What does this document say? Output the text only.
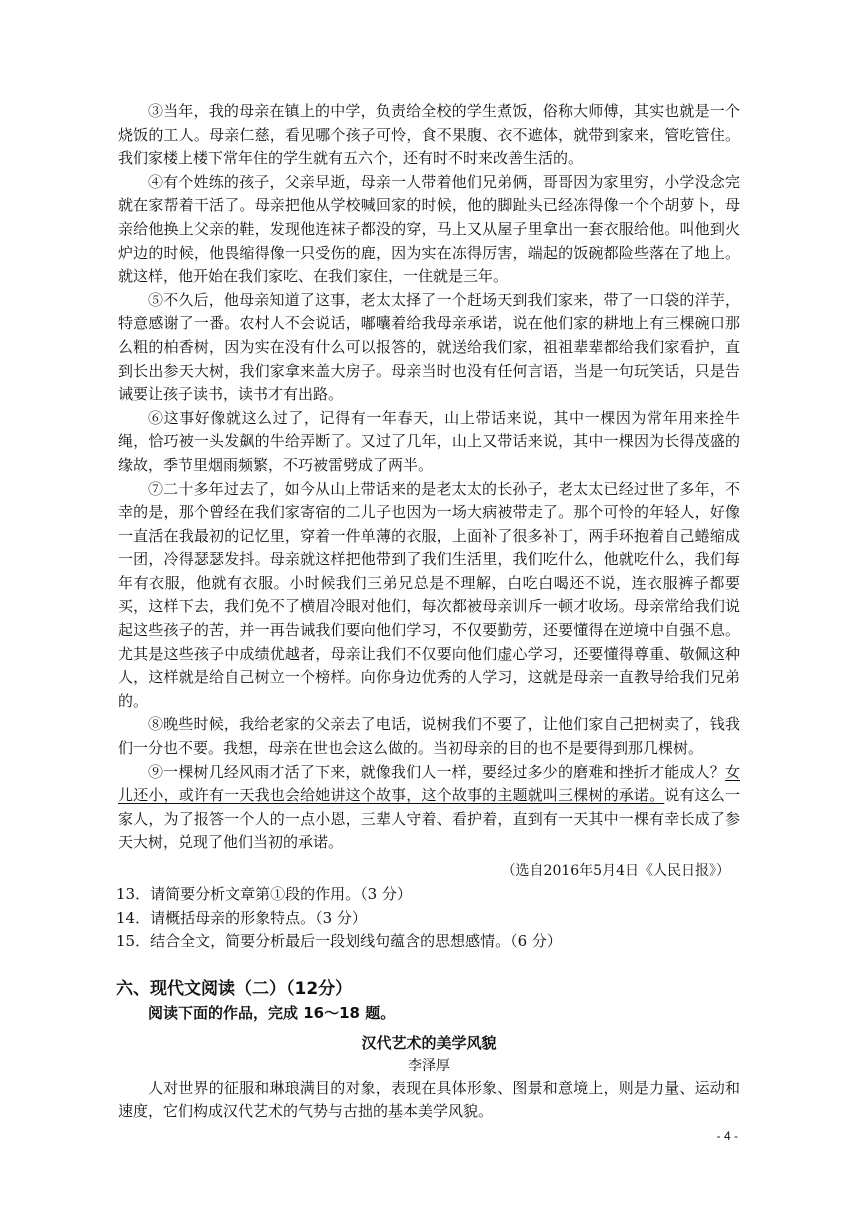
③当年，我的母亲在镇上的中学，负责给全校的学生煮饭，俗称大师傅，其实也就是一个烧饭的工人。母亲仁慈，看见哪个孩子可怜，食不果腹、衣不遮体，就带到家来，管吃管住。我们家楼上楼下常年住的学生就有五六个，还有时不时来改善生活的。

④有个姓练的孩子，父亲早逝，母亲一人带着他们兄弟俩，哥哥因为家里穷，小学没念完就在家帮着干活了。母亲把他从学校喊回家的时候，他的脚趾头已经冻得像一个个胡萝卜，母亲给他换上父亲的鞋，发现他连袜子都没的穿，马上又从屋子里拿出一套衣服给他。叫他到火炉边的时候，他畏缩得像一只受伤的鹿，因为实在冻得厉害，端起的饭碗都险些落在了地上。就这样，他开始在我们家吃、在我们家住，一住就是三年。

⑤不久后，他母亲知道了这事，老太太择了一个赶场天到我们家来，带了一口袋的洋芋，特意感谢了一番。农村人不会说话，嘟囔着给我母亲承诺，说在他们家的耕地上有三棵碗口那么粗的柏香树，因为实在没有什么可以报答的，就送给我们家，祖祖辈辈都给我们家看护，直到长出参天大树，我们家拿来盖大房子。母亲当时也没有任何言语，当是一句玩笑话，只是告诫要让孩子读书，读书才有出路。

⑥这事好像就这么过了，记得有一年春天，山上带话来说，其中一棵因为常年用来拴牛绳，恰巧被一头发飙的牛给弄断了。又过了几年，山上又带话来说，其中一棵因为长得茂盛的缘故，季节里烟雨频繁，不巧被雷劈成了两半。

⑦二十多年过去了，如今从山上带话来的是老太太的长孙子，老太太已经过世了多年，不幸的是，那个曾经在我们家寄宿的二儿子也因为一场大病被带走了。那个可怜的年轻人，好像一直活在我最初的记忆里，穿着一件单薄的衣服，上面补了很多补丁，两手环抱着自己蜷缩成一团，冷得瑟瑟发抖。母亲就这样把他带到了我们生活里，我们吃什么，他就吃什么，我们每年有衣服，他就有衣服。小时候我们三弟兄总是不理解，白吃白喝还不说，连衣服裤子都要买，这样下去，我们免不了横眉冷眼对他们，每次都被母亲训斥一顿才收场。母亲常给我们说起这些孩子的苦，并一再告诫我们要向他们学习，不仅要勤劳，还要懂得在逆境中自强不息。尤其是这些孩子中成绩优越者，母亲让我们不仅要向他们虚心学习，还要懂得尊重、敬佩这种人，这样就是给自己树立一个榜样。向你身边优秀的人学习，这就是母亲一直教导给我们兄弟的。

⑧晚些时候，我给老家的父亲去了电话，说树我们不要了，让他们家自己把树卖了，钱我们一分也不要。我想，母亲在世也会这么做的。当初母亲的目的也不是要得到那几棵树。

⑨一棵树几经风雨才活了下来，就像我们人一样，要经过多少的磨难和挫折才能成人？女儿还小，或许有一天我也会给她讲这个故事，这个故事的主题就叫三棵树的承诺。说有这么一家人，为了报答一个人的一点小恩，三辈人守着、看护着，直到有一天其中一棵有幸长成了参天大树，兑现了他们当初的承诺。

（选自2016年5月4日《人民日报》）

13．请简要分析文章第①段的作用。（3 分）

14．请概括母亲的形象特点。（3 分）

15．结合全文，简要分析最后一段划线句蕴含的思想感情。（6 分）

六、现代文阅读（二）（12分）

阅读下面的作品，完成 16～18 题。

汉代艺术的美学风貌
李泽厚

人对世界的征服和琳琅满目的对象，表现在具体形象、图景和意境上，则是力量、运动和速度，它们构成汉代艺术的气势与古拙的基本美学风貌。

- 4 -
